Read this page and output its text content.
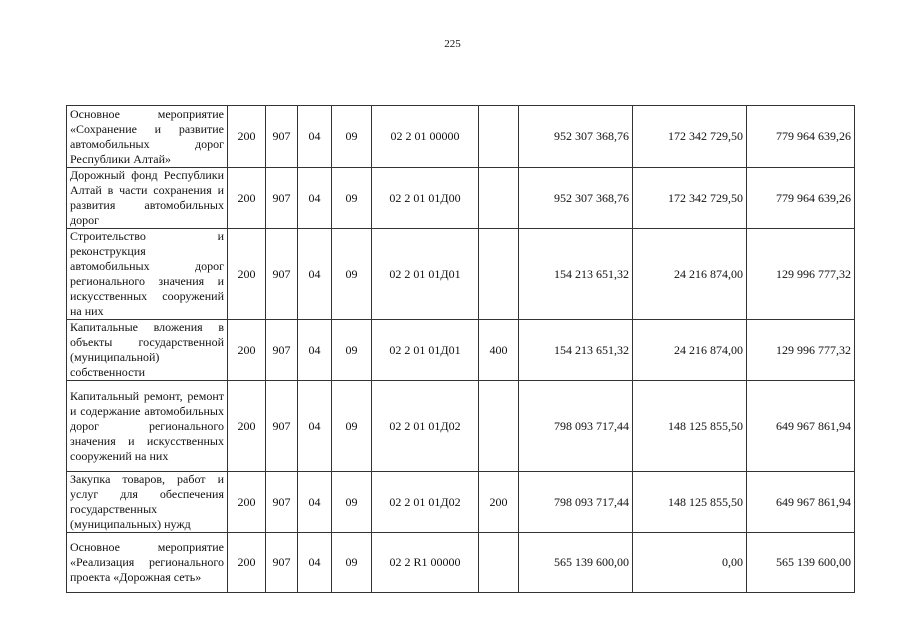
225
Основное мероприятие «Сохранение и развитие автомобильных дорог Республики Алтай»	200	907	04	09	02 2 01 00000		952 307 368,76	172 342 729,50	779 964 639,26
Дорожный фонд Республики Алтай в части сохранения и развития автомобильных дорог	200	907	04	09	02 2 01 01Д00		952 307 368,76	172 342 729,50	779 964 639,26
Строительство и реконструкция автомобильных дорог регионального значения и искусственных сооружений на них	200	907	04	09	02 2 01 01Д01		154 213 651,32	24 216 874,00	129 996 777,32
Капитальные вложения в объекты государственной (муниципальной) собственности	200	907	04	09	02 2 01 01Д01	400	154 213 651,32	24 216 874,00	129 996 777,32
Капитальный ремонт, ремонт и содержание автомобильных дорог регионального значения и искусственных сооружений на них	200	907	04	09	02 2 01 01Д02		798 093 717,44	148 125 855,50	649 967 861,94
Закупка товаров, работ и услуг для обеспечения государственных (муниципальных) нужд	200	907	04	09	02 2 01 01Д02	200	798 093 717,44	148 125 855,50	649 967 861,94
Основное мероприятие «Реализация регионального проекта «Дорожная сеть»	200	907	04	09	02 2 R1 00000		565 139 600,00	0,00	565 139 600,00
